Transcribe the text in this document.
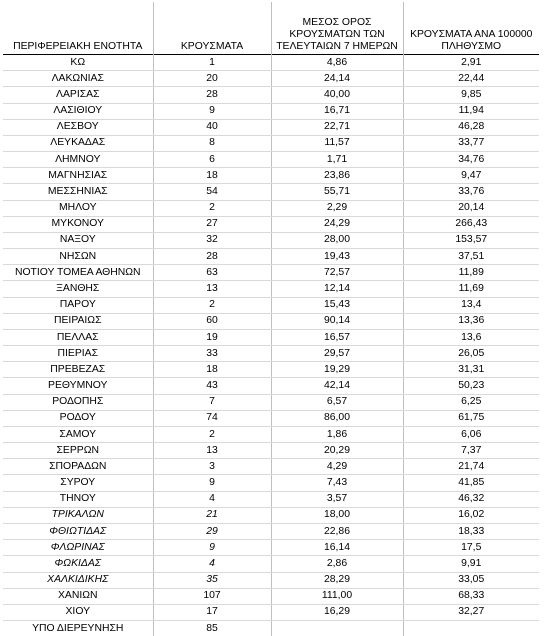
ΠΕΡΙΦΕΡΕΙΑΚΗ ΕΝΟΤΗΤΑ	ΚΡΟΥΣΜΑΤΑ	ΜΕΣΟΣ ΟΡΟΣ ΚΡΟΥΣΜΑΤΩΝ ΤΩΝ ΤΕΛΕΥΤΑΙΩΝ 7 ΗΜΕΡΩΝ	ΚΡΟΥΣΜΑΤΑ ΑΝΑ 100000 ΠΛΗΘΥΣΜΟ
ΚΩ	1	4,86	2,91
ΛΑΚΩΝΙΑΣ	20	24,14	22,44
ΛΑΡΙΣΑΣ	28	40,00	9,85
ΛΑΣΙΘΙΟΥ	9	16,71	11,94
ΛΕΣΒΟΥ	40	22,71	46,28
ΛΕΥΚΑΔΑΣ	8	11,57	33,77
ΛΗΜΝΟΥ	6	1,71	34,76
ΜΑΓΝΗΣΙΑΣ	18	23,86	9,47
ΜΕΣΣΗΝΙΑΣ	54	55,71	33,76
ΜΗΛΟΥ	2	2,29	20,14
ΜΥΚΟΝΟΥ	27	24,29	266,43
ΝΑΞΟΥ	32	28,00	153,57
ΝΗΣΩΝ	28	19,43	37,51
ΝΟΤΙΟΥ ΤΟΜΕΑ ΑΘΗΝΩΝ	63	72,57	11,89
ΞΑΝΘΗΣ	13	12,14	11,69
ΠΑΡΟΥ	2	15,43	13,4
ΠΕΙΡΑΙΩΣ	60	90,14	13,36
ΠΕΛΛΑΣ	19	16,57	13,6
ΠΙΕΡΙΑΣ	33	29,57	26,05
ΠΡΕΒΕΖΑΣ	18	19,29	31,31
ΡΕΘΥΜΝΟΥ	43	42,14	50,23
ΡΟΔΟΠΗΣ	7	6,57	6,25
ΡΟΔΟΥ	74	86,00	61,75
ΣΑΜΟΥ	2	1,86	6,06
ΣΕΡΡΩΝ	13	20,29	7,37
ΣΠΟΡΑΔΩΝ	3	4,29	21,74
ΣΥΡΟΥ	9	7,43	41,85
ΤΗΝΟΥ	4	3,57	46,32
ΤΡΙΚΑΛΩΝ	21	18,00	16,02
ΦΘΙΩΤΙΔΑΣ	29	22,86	18,33
ΦΛΩΡΙΝΑΣ	9	16,14	17,5
ΦΩΚΙΔΑΣ	4	2,86	9,91
ΧΑΛΚΙΔΙΚΗΣ	35	28,29	33,05
ΧΑΝΙΩΝ	107	111,00	68,33
ΧΙΟΥ	17	16,29	32,27
ΥΠΟ ΔΙΕΡΕΥΝΗΣΗ	85		
